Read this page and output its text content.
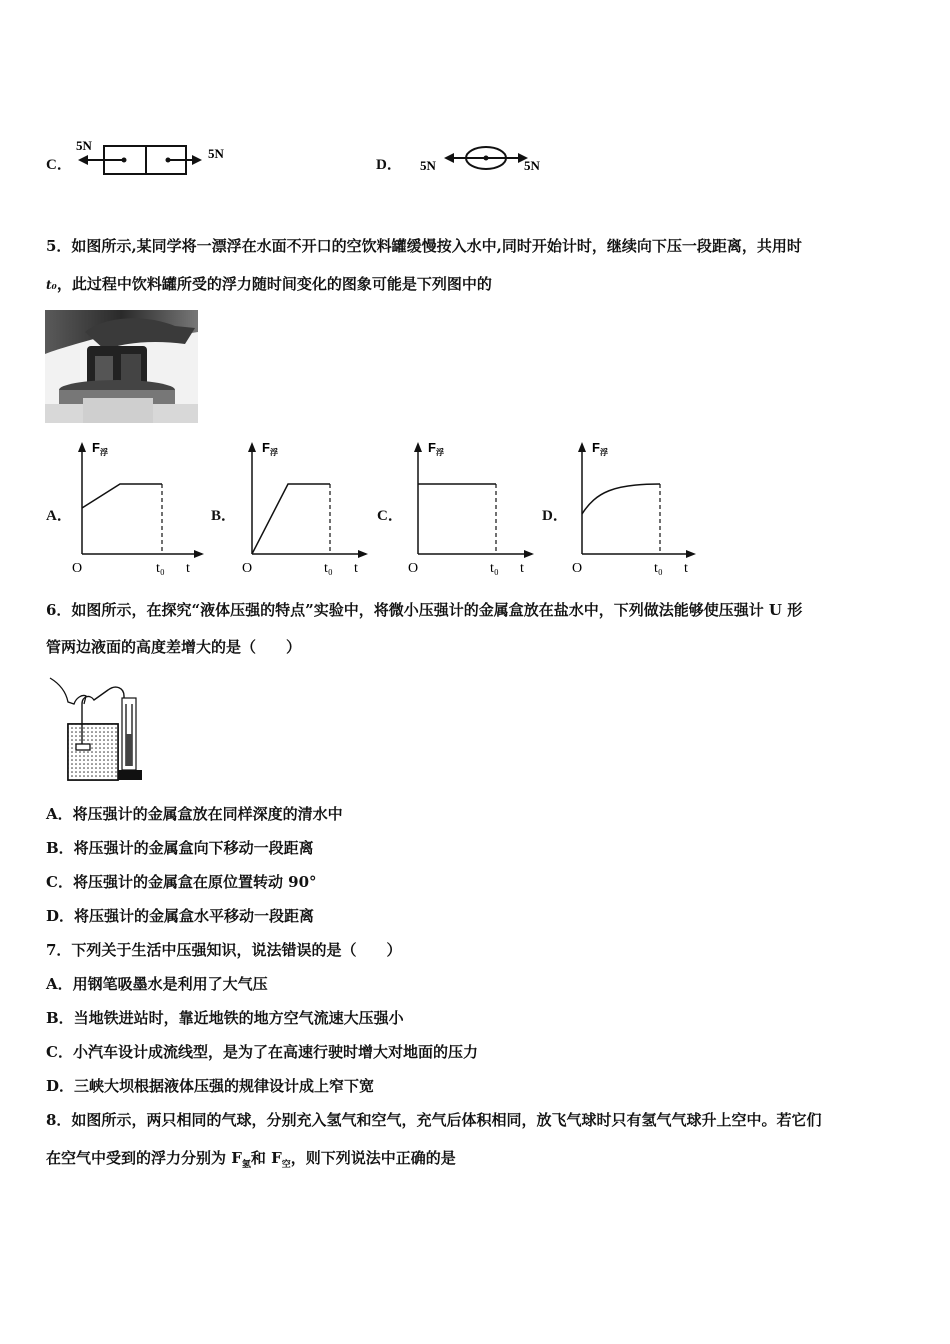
C．
5N
5N
D． 5N	5N
5．如图所示,某同学将一漂浮在水面不开口的空饮料罐缓慢按入水中,同时开始计时，继续向下压一段距离，共用时
t₀，此过程中饮料罐所受的浮力随时间变化的图象可能是下列图中的
A．
$F_浮$
O	t₀ t
B．
$F_浮$
O	t₀ t
C．
$F_浮$
O	t₀ t
D．
$F_浮$
O	t₀ t
6．如图所示，在探究“液体压强的特点”实验中，将微小压强计的金属盒放在盐水中，下列做法能够使压强计 U 形
管两边液面的高度差增大的是（　　）
A．将压强计的金属盒放在同样深度的清水中
B．将压强计的金属盒向下移动一段距离
C．将压强计的金属盒在原位置转动 90°
D．将压强计的金属盒水平移动一段距离
7．下列关于生活中压强知识，说法错误的是（　　）
A．用钢笔吸墨水是利用了大气压
B．当地铁进站时，靠近地铁的地方空气流速大压强小
C．小汽车设计成流线型，是为了在高速行驶时增大对地面的压力
D．三峡大坝根据液体压强的规律设计成上窄下宽
8．如图所示，两只相同的气球，分别充入氢气和空气，充气后体积相同，放飞气球时只有氢气气球升上空中。若它们
在空气中受到的浮力分别为 $F_氢$和 $F_空$，则下列说法中正确的是
